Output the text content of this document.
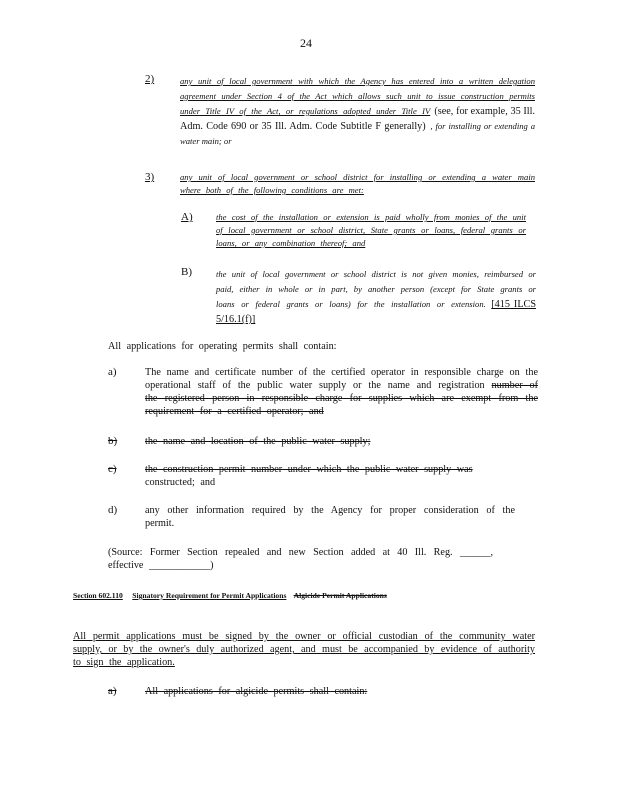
24
2)	any unit of local government with which the Agency has entered into a written delegation agreement under Section 4 of the Act which allows such unit to issue construction permits under Title IV of the Act, or regulations adopted under Title IV (see, for example, 35 Ill. Adm. Code 690 or 35 Ill. Adm. Code Subtitle F generally) , for installing or extending a water main; or
3)	any unit of local government or school district for installing or extending a water main where both of the following conditions are met:
A)	the cost of the installation or extension is paid wholly from monies of the unit of local government or school district, State grants or loans, federal grants or loans, or any combination thereof; and
B)	the unit of local government or school district is not given monies, reimbursed or paid, either in whole or in part, by another person (except for State grants or loans or federal grants or loans) for the installation or extension. [415 ILCS 5/16.1(f)]
All applications for operating permits shall contain:
a)	The name and certificate number of the certified operator in responsible charge on the operational staff of the public water supply or the name and registration number of the registered person in responsible charge for supplies which are exempt from the requirement for a certified operator; and
b)	the name and location of the public water supply;
c)	the construction permit number under which the public water supply was
constructed; and
d)	any other information required by the Agency for proper consideration of the permit.
(Source: Former Section repealed and new Section added at 40 Ill. Reg. ______, effective ____________)
Section 602.110 Signatory Requirement for Permit Applications Algicide Permit Applications
All permit applications must be signed by the owner or official custodian of the community water supply, or by the owner's duly authorized agent, and must be accompanied by evidence of authority to sign the application.
a)	All applications for algicide permits shall contain:
